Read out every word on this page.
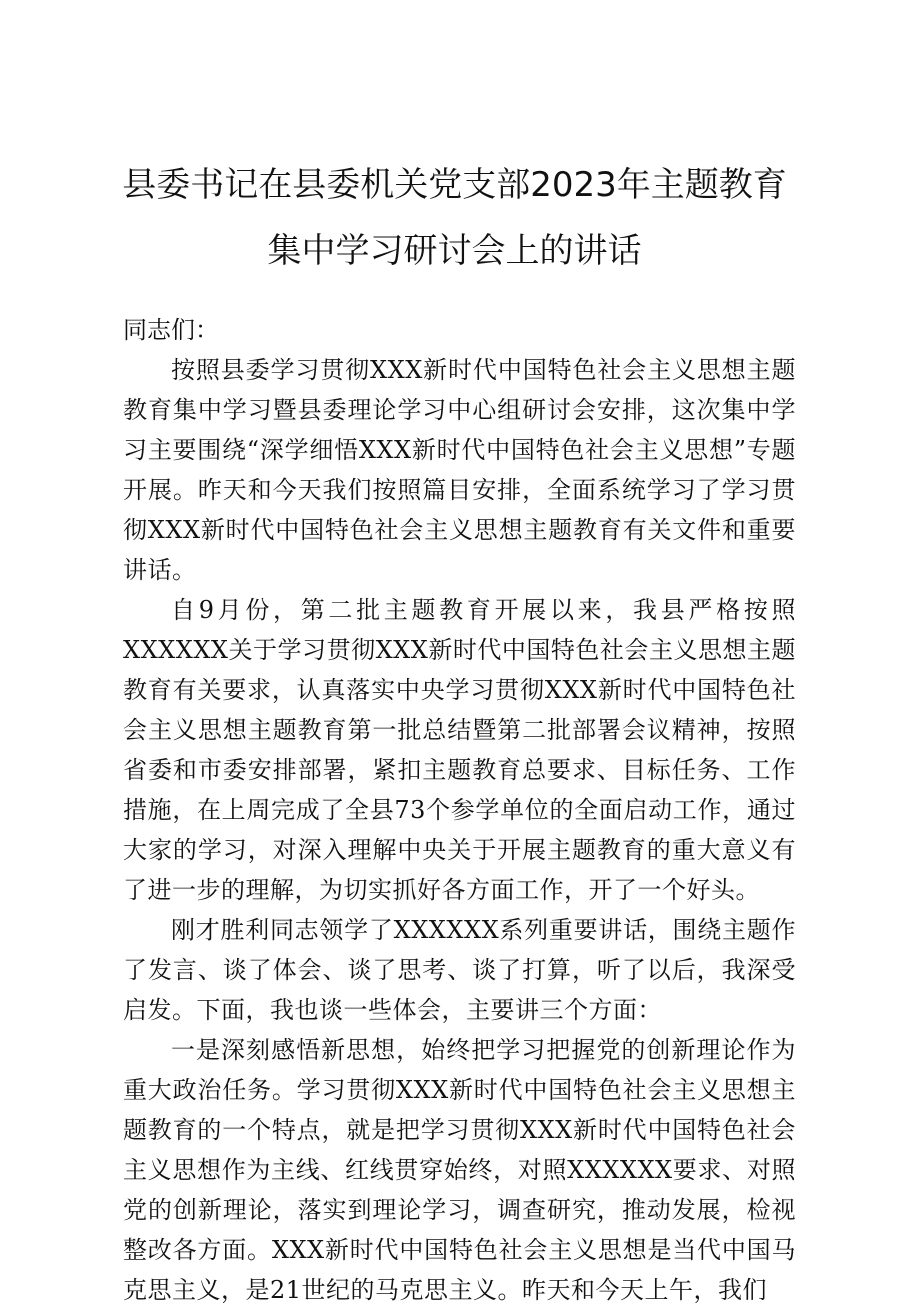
县委书记在县委机关党支部2023年主题教育
集中学习研讨会上的讲话

同志们：

按照县委学习贯彻XXX新时代中国特色社会主义思想主题教育集中学习暨县委理论学习中心组研讨会安排，这次集中学习主要围绕“深学细悟XXX新时代中国特色社会主义思想”专题开展。昨天和今天我们按照篇目安排，全面系统学习了学习贯彻XXX新时代中国特色社会主义思想主题教育有关文件和重要讲话。

自9月份，第二批主题教育开展以来，我县严格按照XXXXXX关于学习贯彻XXX新时代中国特色社会主义思想主题教育有关要求，认真落实中央学习贯彻XXX新时代中国特色社会主义思想主题教育第一批总结暨第二批部署会议精神，按照省委和市委安排部署，紧扣主题教育总要求、目标任务、工作措施，在上周完成了全县73个参学单位的全面启动工作，通过大家的学习，对深入理解中央关于开展主题教育的重大意义有了进一步的理解，为切实抓好各方面工作，开了一个好头。

刚才胜利同志领学了XXXXXX系列重要讲话，围绕主题作了发言、谈了体会、谈了思考、谈了打算，听了以后，我深受启发。下面，我也谈一些体会，主要讲三个方面：

一是深刻感悟新思想，始终把学习把握党的创新理论作为重大政治任务。学习贯彻XXX新时代中国特色社会主义思想主题教育的一个特点，就是把学习贯彻XXX新时代中国特色社会主义思想作为主线、红线贯穿始终，对照XXXXXX要求、对照党的创新理论，落实到理论学习，调查研究，推动发展，检视整改各方面。XXX新时代中国特色社会主义思想是当代中国马克思主义，是21世纪的马克思主义。昨天和今天上午，我们
